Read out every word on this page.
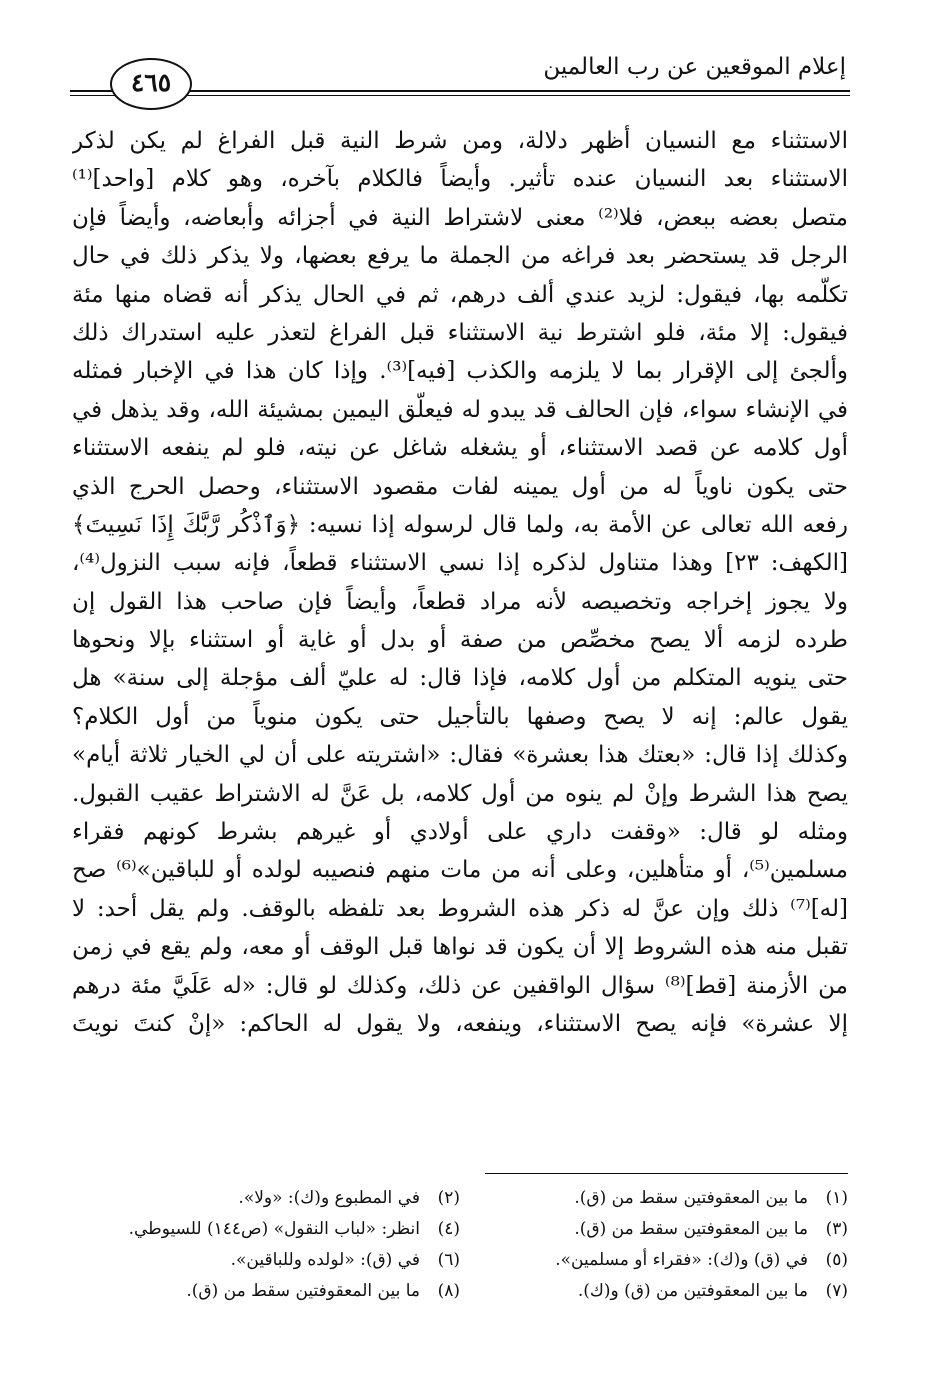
إعلام الموقعين عن رب العالمين
٤٦٥
الاستثناء مع النسيان أظهر دلالة، ومن شرط النية قبل الفراغ لم يكن لذكر
الاستثناء بعد النسيان عنده تأثير. وأيضاً فالكلام بآخره، وهو كلام [واحد]⁽¹⁾
متصل بعضه ببعض، فلا⁽²⁾ معنى لاشتراط النية في أجزائه وأبعاضه، وأيضاً فإن
الرجل قد يستحضر بعد فراغه من الجملة ما يرفع بعضها، ولا يذكر ذلك في حال
تكلّمه بها، فيقول: لزيد عندي ألف درهم، ثم في الحال يذكر أنه قضاه منها مئة
فيقول: إلا مئة، فلو اشترط نية الاستثناء قبل الفراغ لتعذر عليه استدراك ذلك
وألجئ إلى الإقرار بما لا يلزمه والكذب [فيه]⁽³⁾. وإذا كان هذا في الإخبار فمثله
في الإنشاء سواء، فإن الحالف قد يبدو له فيعلّق اليمين بمشيئة الله، وقد يذهل في
أول كلامه عن قصد الاستثناء، أو يشغله شاغل عن نيته، فلو لم ينفعه الاستثناء
حتى يكون ناوياً له من أول يمينه لفات مقصود الاستثناء، وحصل الحرج الذي
رفعه الله تعالى عن الأمة به، ولما قال لرسوله إذا نسيه: ﴿وَٱذْكُر رَّبَّكَ إِذَا نَسِيتَ﴾
[الكهف: ٢٣] وهذا متناول لذكره إذا نسي الاستثناء قطعاً، فإنه سبب النزول⁽⁴⁾،
ولا يجوز إخراجه وتخصيصه لأنه مراد قطعاً، وأيضاً فإن صاحب هذا القول إن
طرده لزمه ألا يصح مخصِّص من صفة أو بدل أو غاية أو استثناء بإلا ونحوها
حتى ينويه المتكلم من أول كلامه، فإذا قال: له عليّ ألف مؤجلة إلى سنة» هل
يقول عالم: إنه لا يصح وصفها بالتأجيل حتى يكون منوياً من أول الكلام؟
وكذلك إذا قال: «بعتك هذا بعشرة» فقال: «اشتريته على أن لي الخيار ثلاثة أيام»
يصح هذا الشرط وإنْ لم ينوه من أول كلامه، بل عَنَّ له الاشتراط عقيب القبول.
ومثله لو قال: «وقفت داري على أولادي أو غيرهم بشرط كونهم فقراء
مسلمين⁽⁵⁾، أو متأهلين، وعلى أنه من مات منهم فنصيبه لولده أو للباقين»⁽⁶⁾ صح
[له]⁽⁷⁾ ذلك وإن عنَّ له ذكر هذه الشروط بعد تلفظه بالوقف. ولم يقل أحد: لا
تقبل منه هذه الشروط إلا أن يكون قد نواها قبل الوقف أو معه، ولم يقع في زمن
من الأزمنة [قط]⁽⁸⁾ سؤال الواقفين عن ذلك، وكذلك لو قال: «له عَلَيَّ مئة درهم
إلا عشرة» فإنه يصح الاستثناء، وينفعه، ولا يقول له الحاكم: «إنْ كنتَ نويتَ
(١)ما بين المعقوفتين سقط من (ق).
(٢)في المطبوع و(ك): «ولا».
(٣)ما بين المعقوفتين سقط من (ق).
(٤)انظر: «لباب النقول» (ص١٤٤) للسيوطي.
(٥)في (ق) و(ك): «فقراء أو مسلمين».
(٦)في (ق): «لولده وللباقين».
(٧)ما بين المعقوفتين من (ق) و(ك).
(٨)ما بين المعقوفتين سقط من (ق).
